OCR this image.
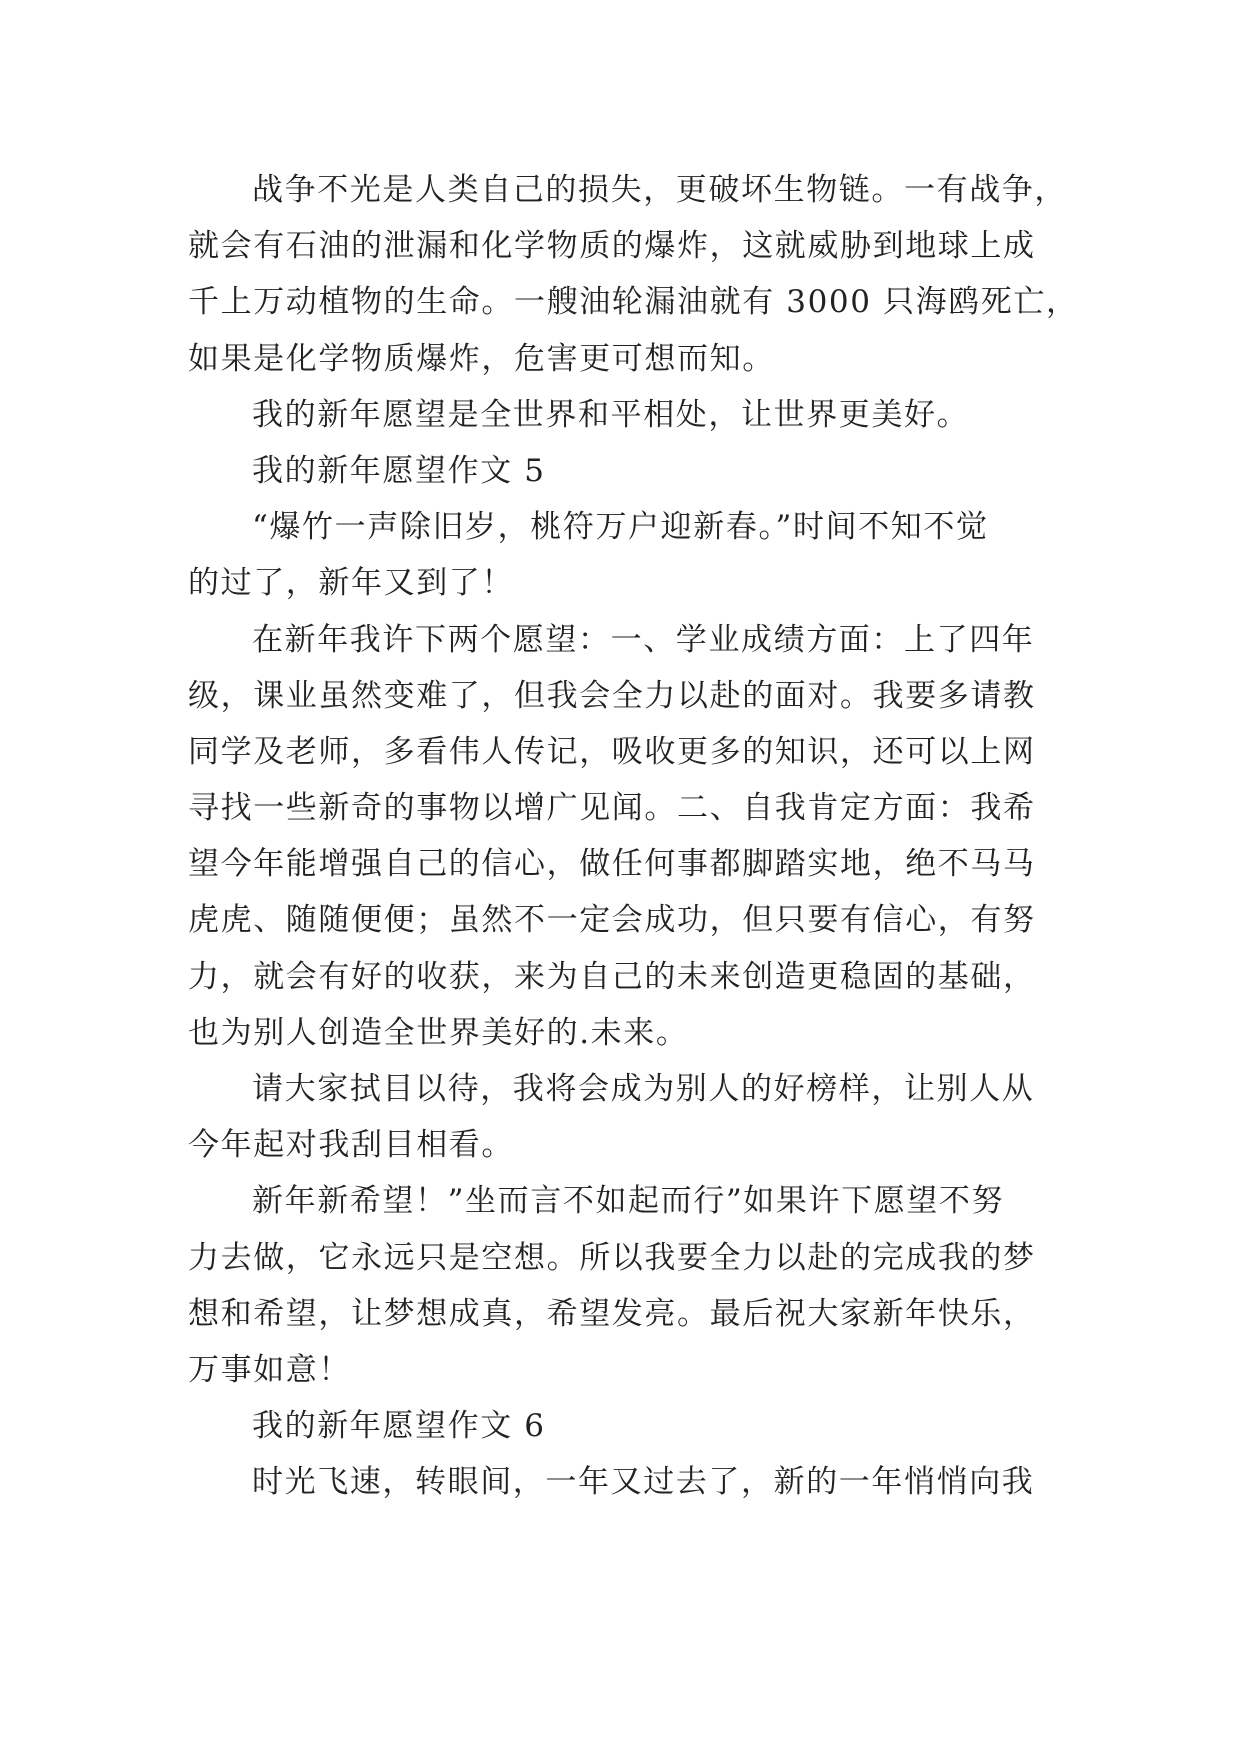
战争不光是人类自己的损失，更破坏生物链。一有战争，
就会有石油的泄漏和化学物质的爆炸，这就威胁到地球上成
千上万动植物的生命。一艘油轮漏油就有 3000 只海鸥死亡，
如果是化学物质爆炸，危害更可想而知。
我的新年愿望是全世界和平相处，让世界更美好。
我的新年愿望作文 5
“爆竹一声除旧岁，桃符万户迎新春。”时间不知不觉
的过了，新年又到了！
在新年我许下两个愿望：一、学业成绩方面：上了四年
级，课业虽然变难了，但我会全力以赴的面对。我要多请教
同学及老师，多看伟人传记，吸收更多的知识，还可以上网
寻找一些新奇的事物以增广见闻。二、自我肯定方面：我希
望今年能增强自己的信心，做任何事都脚踏实地，绝不马马
虎虎、随随便便；虽然不一定会成功，但只要有信心，有努
力，就会有好的收获，来为自己的未来创造更稳固的基础，
也为别人创造全世界美好的.未来。
请大家拭目以待，我将会成为别人的好榜样，让别人从
今年起对我刮目相看。
新年新希望！”坐而言不如起而行”如果许下愿望不努
力去做，它永远只是空想。所以我要全力以赴的完成我的梦
想和希望，让梦想成真，希望发亮。最后祝大家新年快乐，
万事如意！
我的新年愿望作文 6
时光飞速，转眼间，一年又过去了，新的一年悄悄向我
